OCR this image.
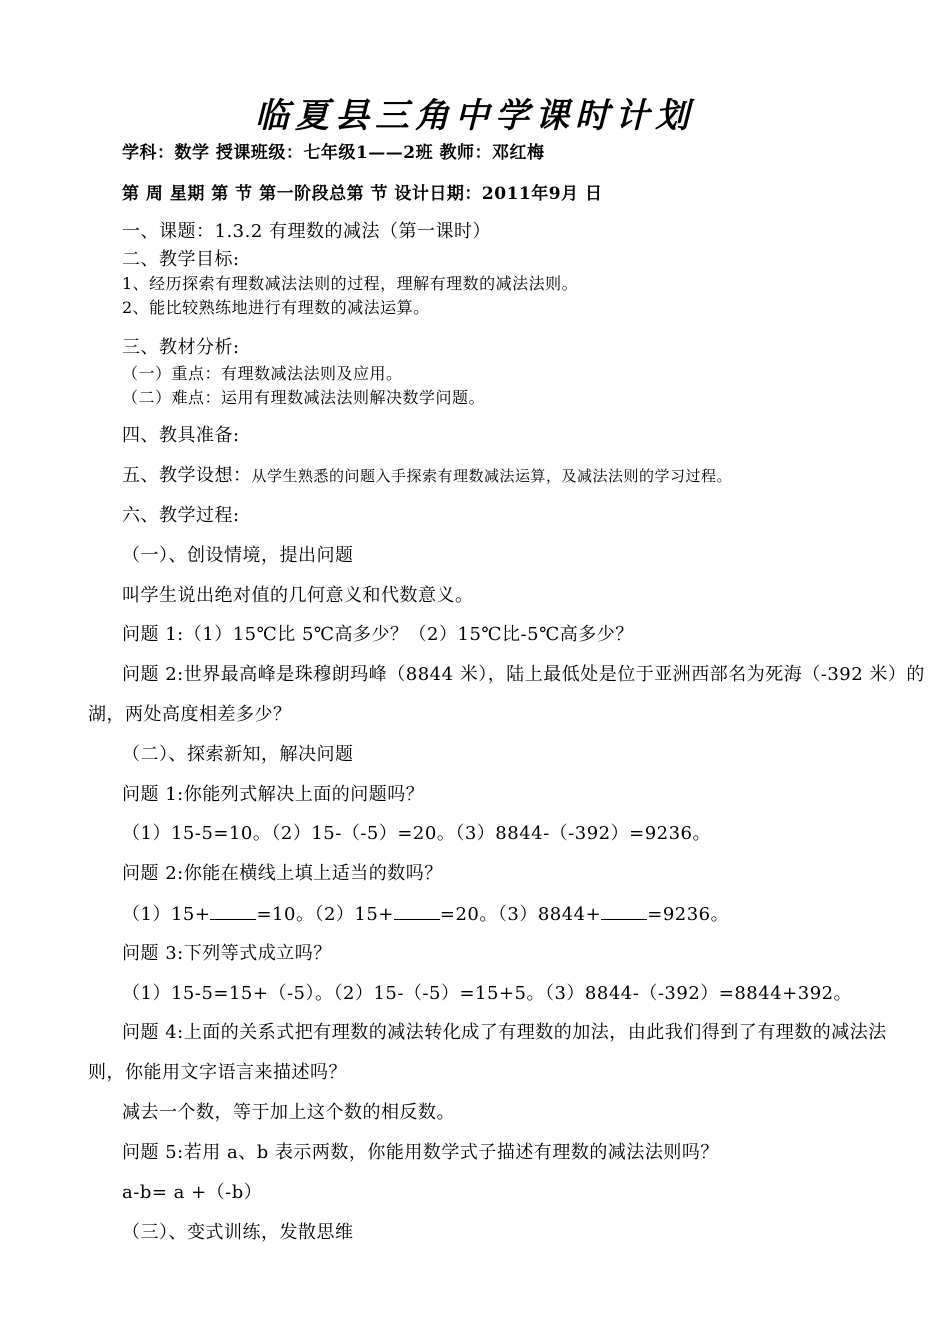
临夏县三角中学课时计划
学科：数学 授课班级：七年级1——2班 教师：邓红梅
第 周 星期 第 节 第一阶段总第 节 设计日期：2011年9月 日
一、课题：1.3.2 有理数的减法（第一课时）
二、教学目标:
1、经历探索有理数减法法则的过程，理解有理数的减法法则。
2、能比较熟练地进行有理数的减法运算。
三、教材分析:
（一）重点：有理数减法法则及应用。
（二）难点：运用有理数减法法则解决数学问题。
四、教具准备:
五、教学设想：从学生熟悉的问题入手探索有理数减法运算，及减法法则的学习过程。
六、教学过程:
（一）、创设情境，提出问题
叫学生说出绝对值的几何意义和代数意义。
问题 1:（1）15℃比 5℃高多少？（2）15℃比-5℃高多少？
问题 2:世界最高峰是珠穆朗玛峰（8844 米），陆上最低处是位于亚洲西部名为死海（-392 米）的
湖，两处高度相差多少？
（二）、探索新知，解决问题
问题 1:你能列式解决上面的问题吗？
（1）15-5=10。（2）15-（-5）=20。（3）8844-（-392）=9236。
问题 2:你能在横线上填上适当的数吗？
（1）15+	=10。（2）15+	=20。（3）8844+	=9236。
问题 3:下列等式成立吗？
（1）15-5=15+（-5）。（2）15-（-5）=15+5。（3）8844-（-392）=8844+392。
问题 4:上面的关系式把有理数的减法转化成了有理数的加法，由此我们得到了有理数的减法法
则，你能用文字语言来描述吗？
减去一个数，等于加上这个数的相反数。
问题 5:若用 a、b 表示两数，你能用数学式子描述有理数的减法法则吗？
a-b= a +（-b）
（三）、变式训练，发散思维
